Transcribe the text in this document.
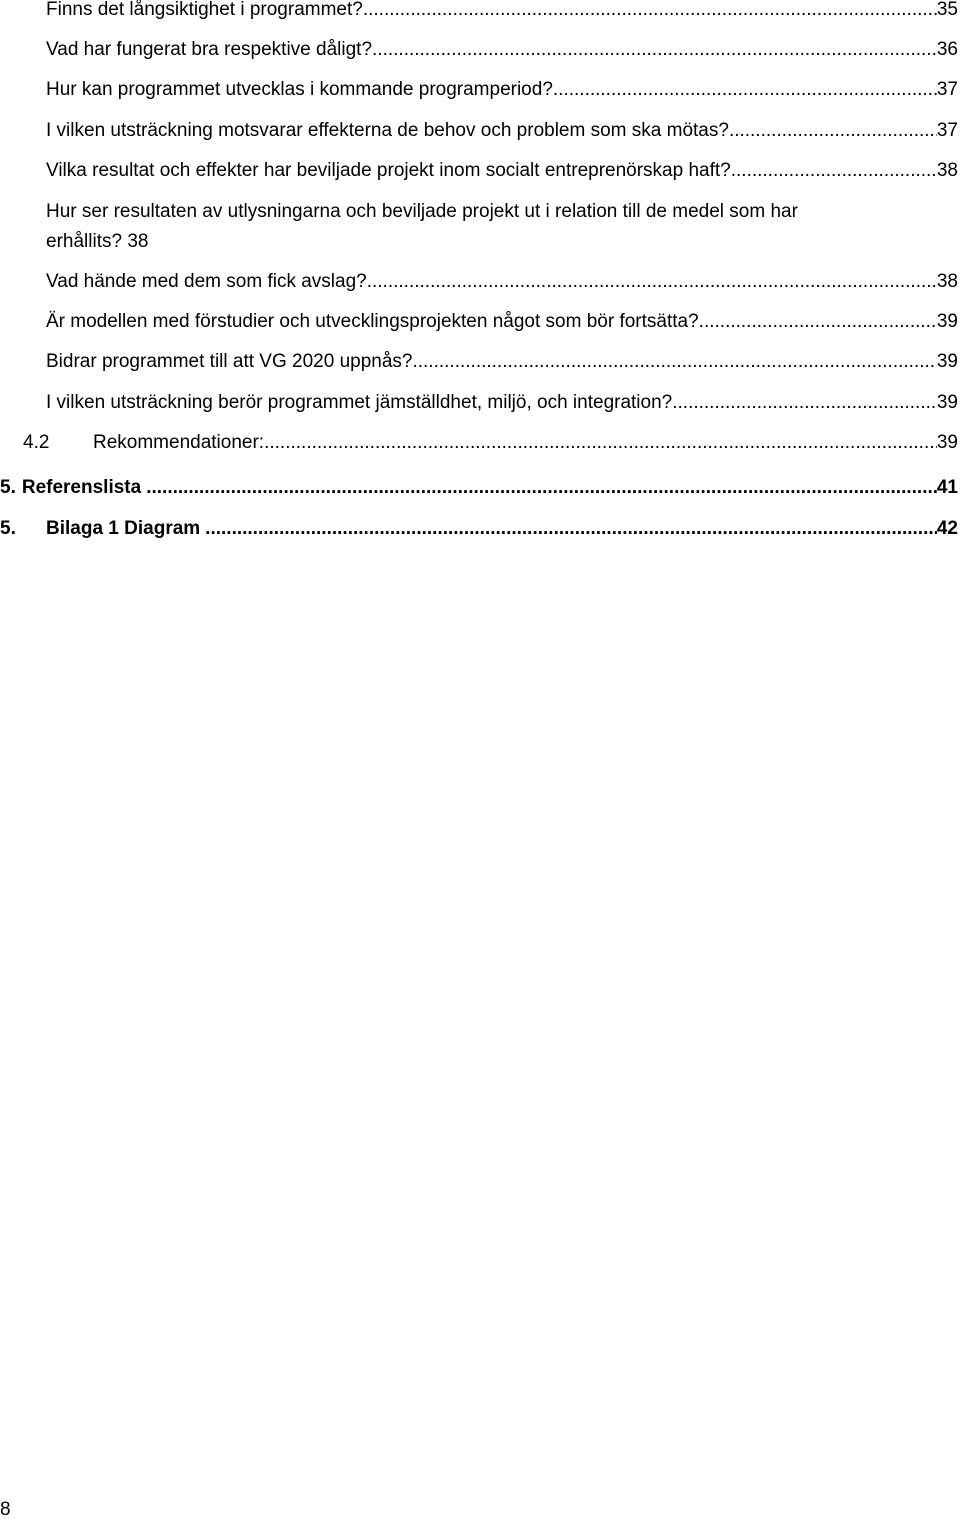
Finns det långsiktighet i programmet? .....	35
Vad har fungerat bra respektive dåligt? .....	36
Hur kan programmet utvecklas i kommande programperiod? .....	37
I vilken utsträckning motsvarar effekterna de behov och problem som ska mötas? .....	37
Vilka resultat och effekter har beviljade projekt inom socialt entreprenörskap haft? .....	38
Hur ser resultaten av utlysningarna och beviljade projekt ut i relation till de medel som har
erhållits? 38
Vad hände med dem som fick avslag? .....	38
Är modellen med förstudier och utvecklingsprojekten något som bör fortsätta? .....	39
Bidrar programmet till att VG 2020 uppnås? .....	39
I vilken utsträckning berör programmet jämställdhet, miljö, och integration? .....	39
4.2	Rekommendationer: .....	39
5. Referenslista .....	41
5.	Bilaga 1 Diagram .....	42
8
